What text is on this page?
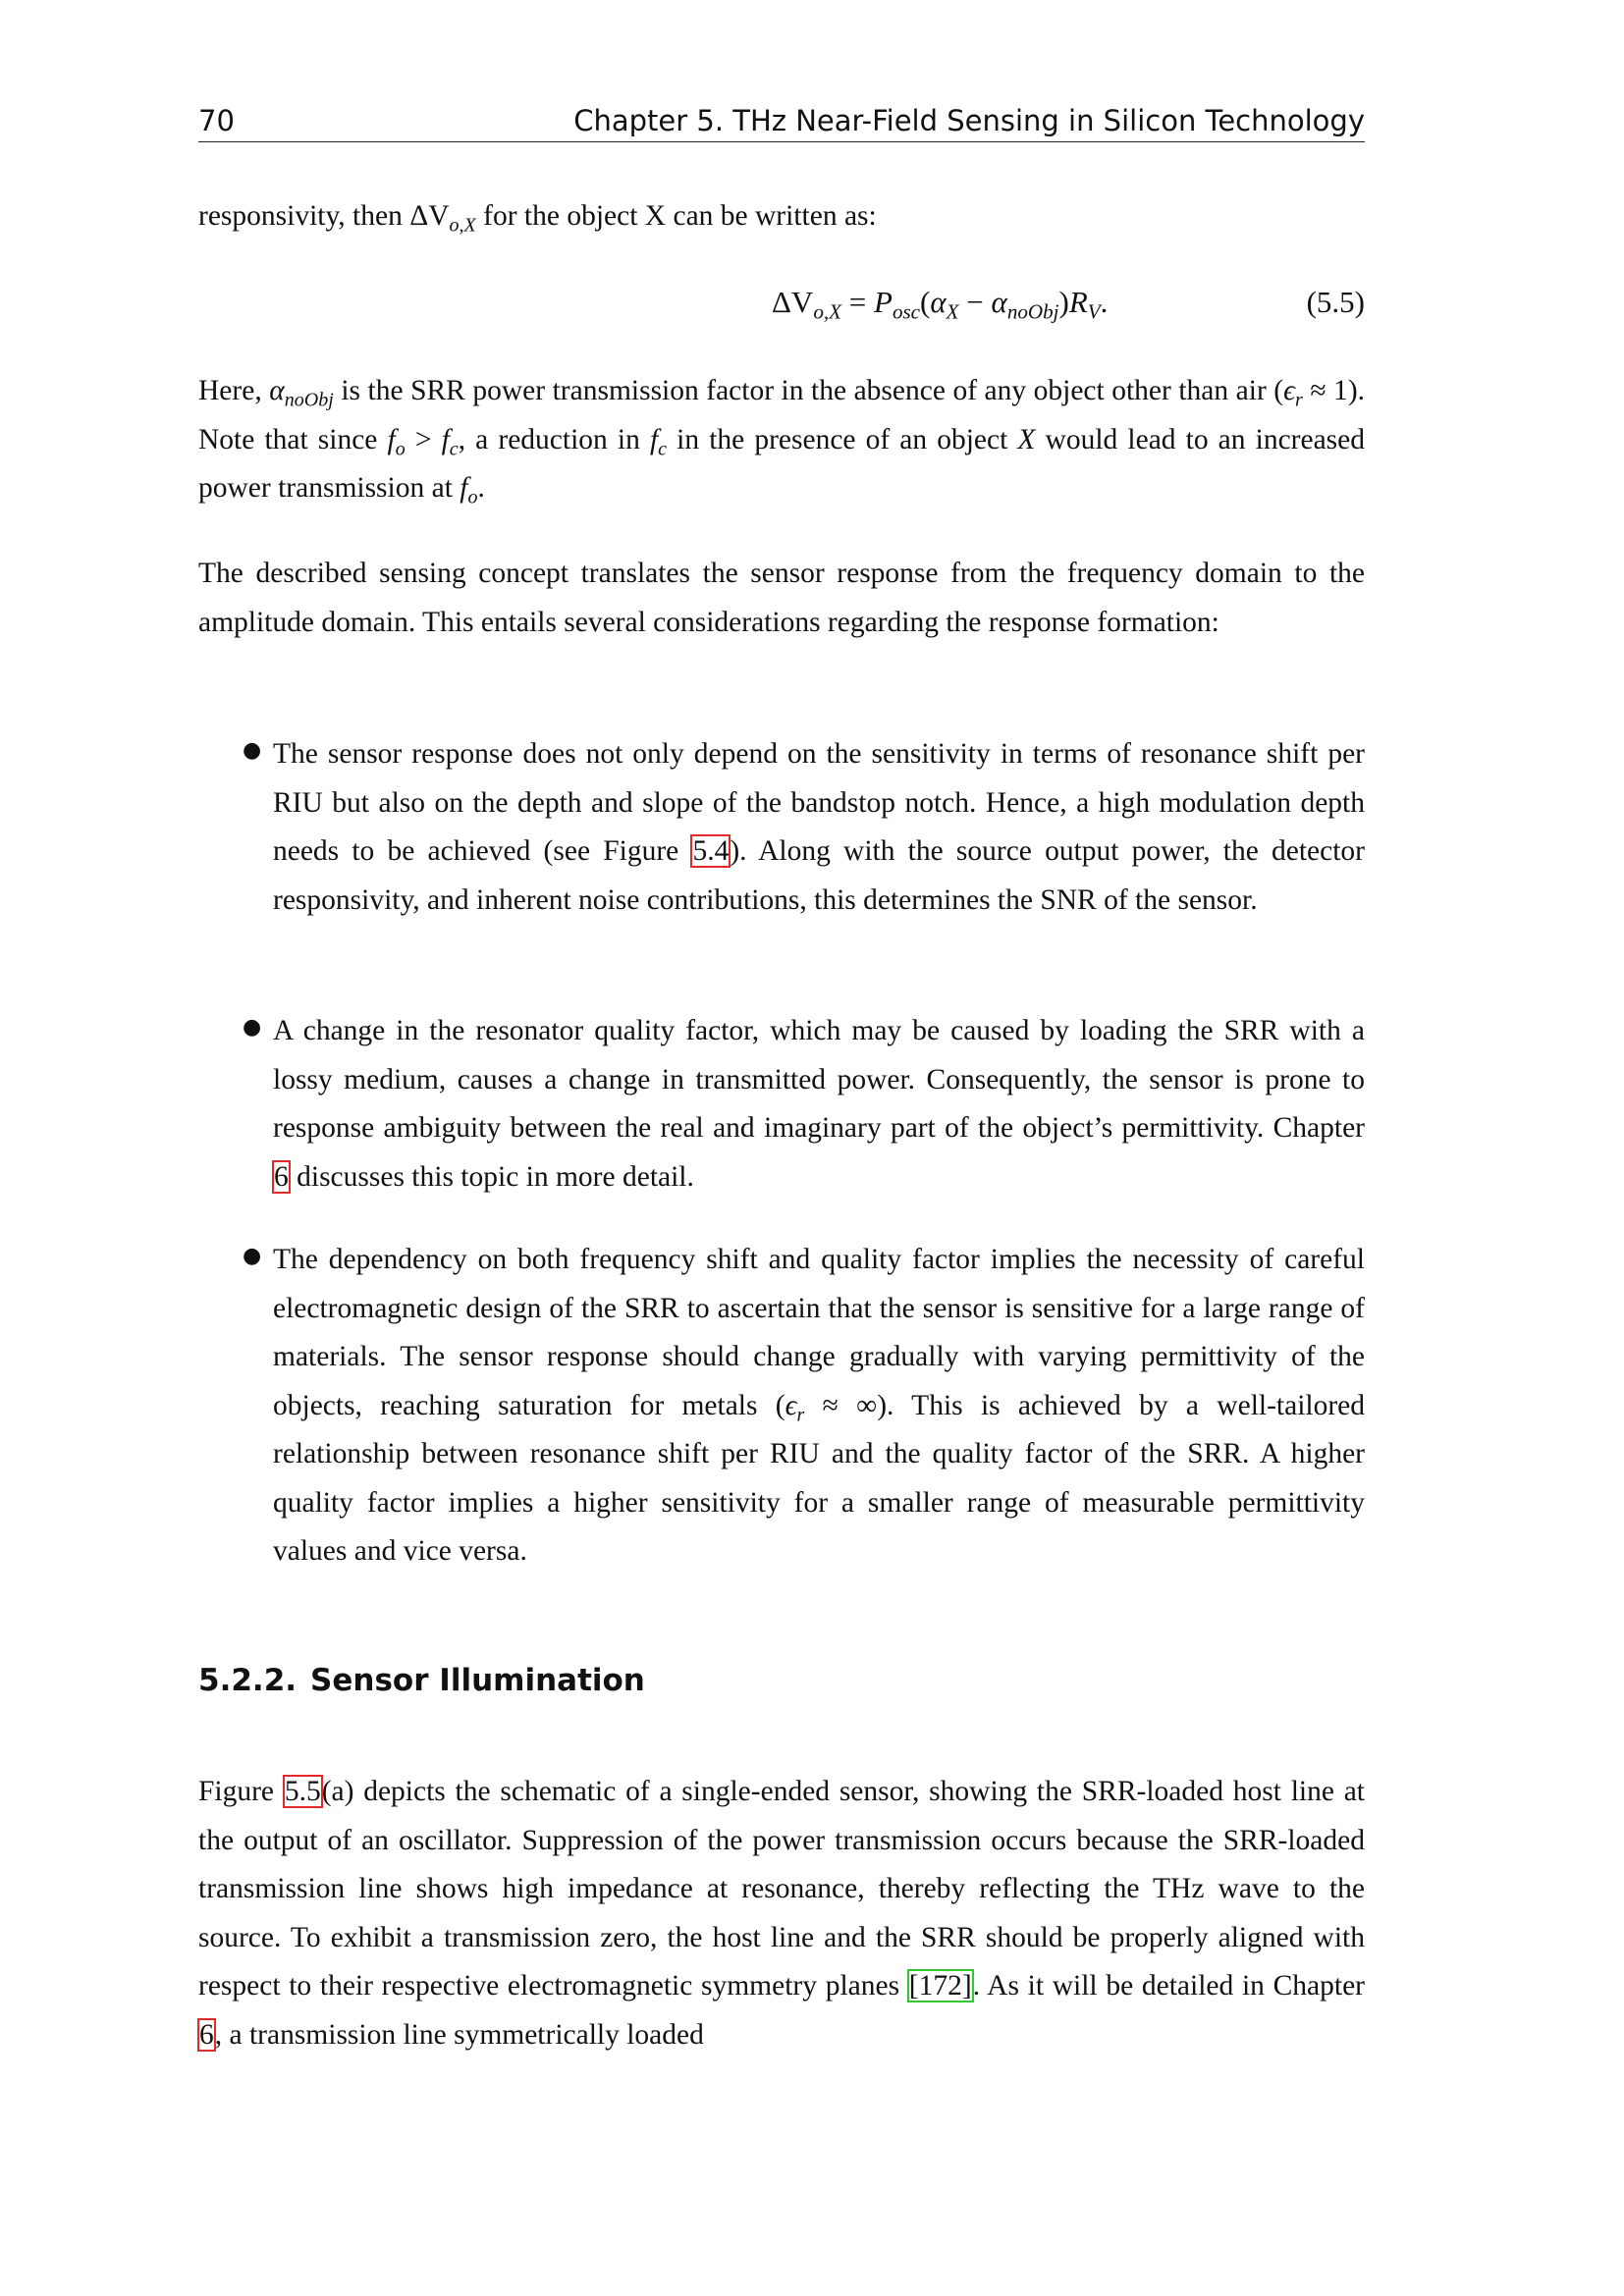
70	Chapter 5. THz Near-Field Sensing in Silicon Technology
responsivity, then $\Delta V_{o,X}$ for the object X can be written as:
$\Delta V_{o,X} = P_{osc}(\alpha_X - \alpha_{noObj})R_V$.	(5.5)
Here, $\alpha_{noObj}$ is the SRR power transmission factor in the absence of any object other than air $(\epsilon_r \approx 1)$. Note that since $f_o > f_c$, a reduction in $f_c$ in the presence of an object X would lead to an increased power transmission at $f_o$.
The described sensing concept translates the sensor response from the frequency domain to the amplitude domain. This entails several considerations regarding the response formation:
● The sensor response does not only depend on the sensitivity in terms of resonance shift per RIU but also on the depth and slope of the bandstop notch. Hence, a high modulation depth needs to be achieved (see Figure 5.4). Along with the source output power, the detector responsivity, and inherent noise contributions, this determines the SNR of the sensor.
● A change in the resonator quality factor, which may be caused by loading the SRR with a lossy medium, causes a change in transmitted power. Consequently, the sensor is prone to response ambiguity between the real and imaginary part of the object’s permittivity. Chapter 6 discusses this topic in more detail.
● The dependency on both frequency shift and quality factor implies the necessity of careful electromagnetic design of the SRR to ascertain that the sensor is sensitive for a large range of materials. The sensor response should change gradually with varying permittivity of the objects, reaching saturation for metals ($\epsilon_r$ ≈ ∞). This is achieved by a well-tailored relationship between resonance shift per RIU and the quality factor of the SRR. A higher quality factor implies a higher sensitivity for a smaller range of measurable permittivity values and vice versa.
5.2.2. Sensor Illumination
Figure 5.5(a) depicts the schematic of a single-ended sensor, showing the SRR-loaded host line at the output of an oscillator. Suppression of the power transmission occurs because the SRR-loaded transmission line shows high impedance at resonance, thereby reflecting the THz wave to the source. To exhibit a transmission zero, the host line and the SRR should be properly aligned with respect to their respective electromagnetic symmetry planes [172]. As it will be detailed in Chapter 6, a transmission line symmetrically loaded
